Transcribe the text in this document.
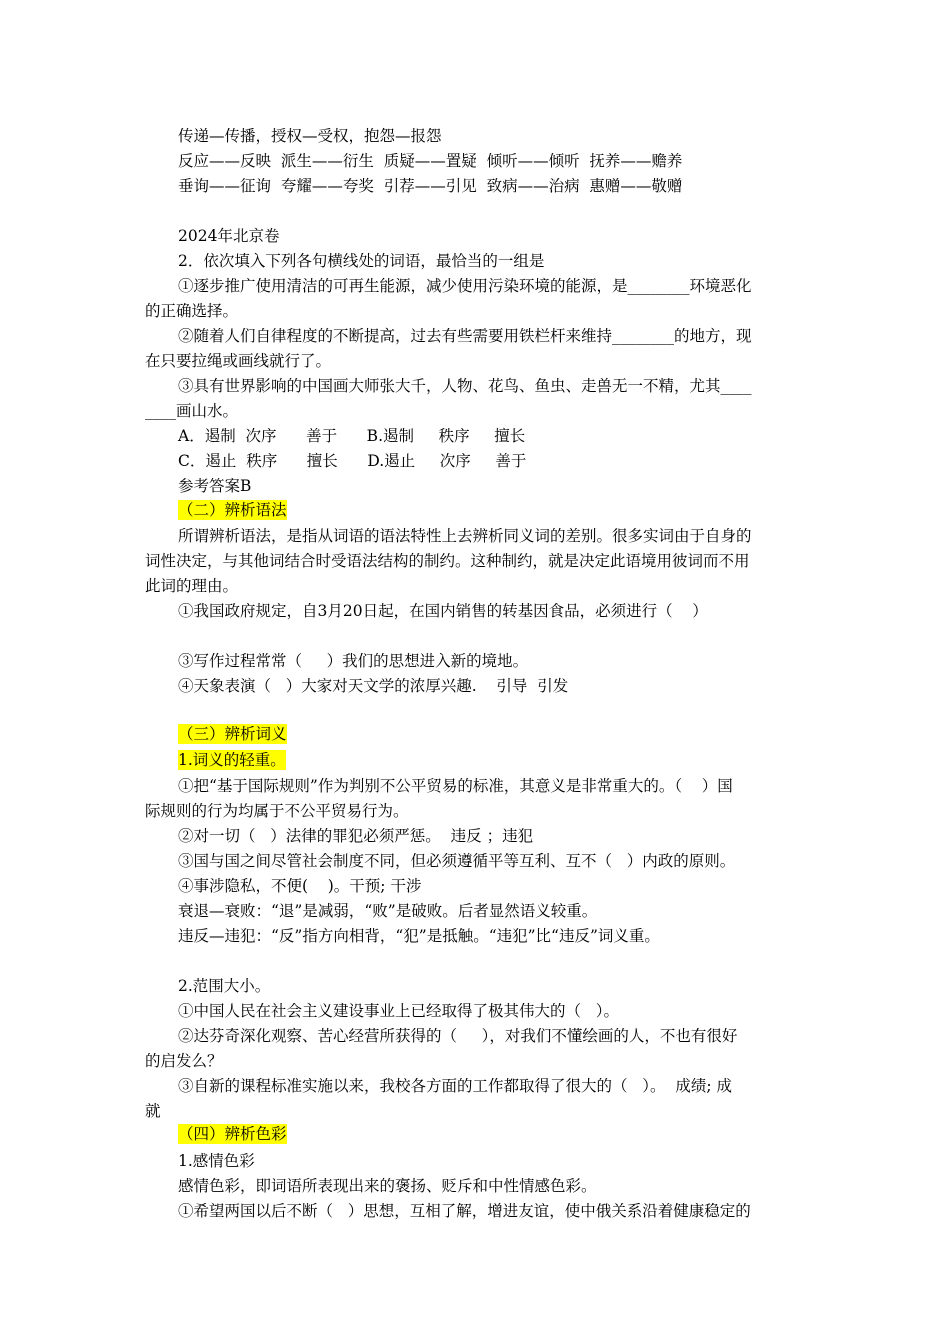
传递—传播，授权—受权，抱怨—报怨
反应——反映  派生——衍生  质疑——置疑  倾听——倾听  抚养——赡养
垂询——征询  夸耀——夸奖  引荐——引见  致病——治病  惠赠——敬赠
2024年北京卷
2．依次填入下列各句横线处的词语，最恰当的一组是
①逐步推广使用清洁的可再生能源，减少使用污染环境的能源，是________环境恶化
的正确选择。
②随着人们自律程度的不断提高，过去有些需要用铁栏杆来维持________的地方，现
在只要拉绳或画线就行了。
③具有世界影响的中国画大师张大千，人物、花鸟、鱼虫、走兽无一不精，尤其____
____画山水。
A．遏制  次序      善于      B.遏制     秩序     擅长
C．遏止  秩序      擅长      D.遏止     次序     善于
参考答案B
（二）辨析语法
所谓辨析语法，是指从词语的语法特性上去辨析同义词的差别。很多实词由于自身的
词性决定，与其他词结合时受语法结构的制约。这种制约，就是决定此语境用彼词而不用
此词的理由。
①我国政府规定，自3月20日起，在国内销售的转基因食品，必须进行（    ）
③写作过程常常（     ）我们的思想进入新的境地。
④天象表演（   ）大家对天文学的浓厚兴趣.    引导  引发
（三）辨析词义
1.词义的轻重。
①把“基于国际规则”作为判别不公平贸易的标准，其意义是非常重大的。（    ）国
际规则的行为均属于不公平贸易行为。
②对一切（   ）法律的罪犯必须严惩。  违反 ；违犯
③国与国之间尽管社会制度不同，但必须遵循平等互利、互不（   ）内政的原则。
④事涉隐私，不便(    )。干预; 干涉
衰退—衰败：“退”是减弱，“败”是破败。后者显然语义较重。
违反—违犯：“反”指方向相背，“犯”是抵触。“违犯”比“违反”词义重。
2.范围大小。
①中国人民在社会主义建设事业上已经取得了极其伟大的（   ）。
②达芬奇深化观察、苦心经营所获得的（     ），对我们不懂绘画的人，不也有很好
的启发么？
③自新的课程标准实施以来，我校各方面的工作都取得了很大的（   ）。  成绩; 成
就
（四）辨析色彩
1.感情色彩
感情色彩，即词语所表现出来的褒扬、贬斥和中性情感色彩。
①希望两国以后不断（   ）思想，互相了解，增进友谊，使中俄关系沿着健康稳定的
